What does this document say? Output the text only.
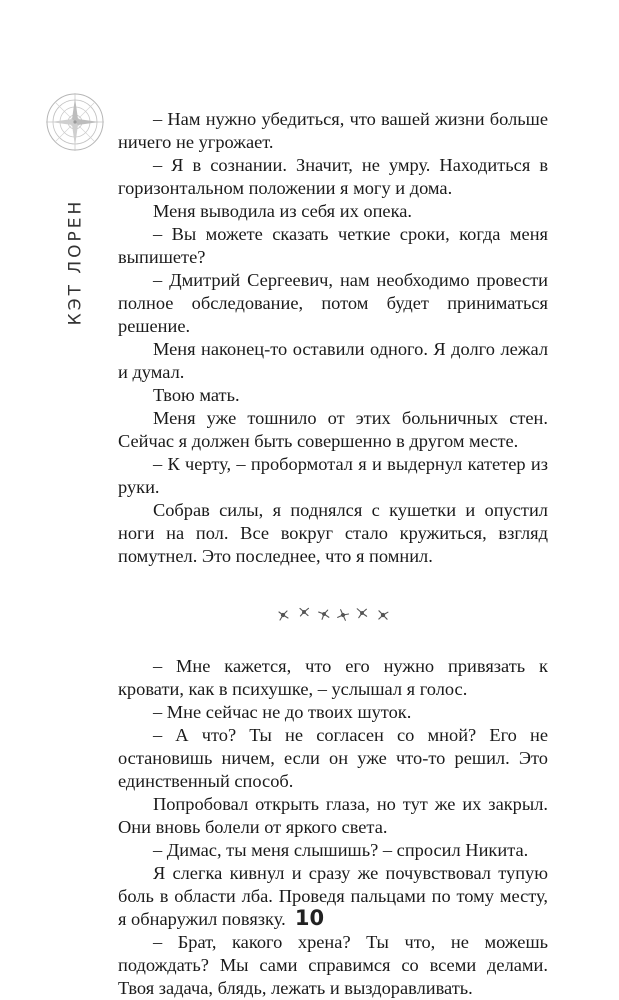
КЭТ ЛОРЕН

– Нам нужно убедиться, что вашей жизни больше ничего не угрожает.

– Я в сознании. Значит, не умру. Находиться в горизонтальном положении я могу и дома.

Меня выводила из себя их опека.

– Вы можете сказать четкие сроки, когда меня выпишете?

– Дмитрий Сергеевич, нам необходимо провести полное обследование, потом будет приниматься решение.

Меня наконец-то оставили одного. Я долго лежал и думал.

Твою мать.

Меня уже тошнило от этих больничных стен. Сейчас я должен быть совершенно в другом месте.

– К черту, – пробормотал я и выдернул катетер из руки.

Собрав силы, я поднялся с кушетки и опустил ноги на пол. Все вокруг стало кружиться, взгляд помутнел. Это последнее, что я помнил.

– Мне кажется, что его нужно привязать к кровати, как в психушке, – услышал я голос.

– Мне сейчас не до твоих шуток.

– А что? Ты не согласен со мной? Его не остановишь ничем, если он уже что-то решил. Это единственный способ.

Попробовал открыть глаза, но тут же их закрыл. Они вновь болели от яркого света.

– Димас, ты меня слышишь? – спросил Никита.

Я слегка кивнул и сразу же почувствовал тупую боль в области лба. Проведя пальцами по тому месту, я обнаружил повязку.

– Брат, какого хрена? Ты что, не можешь подождать? Мы сами справимся со всеми делами. Твоя задача, блядь, лежать и выздоравливать.

10
